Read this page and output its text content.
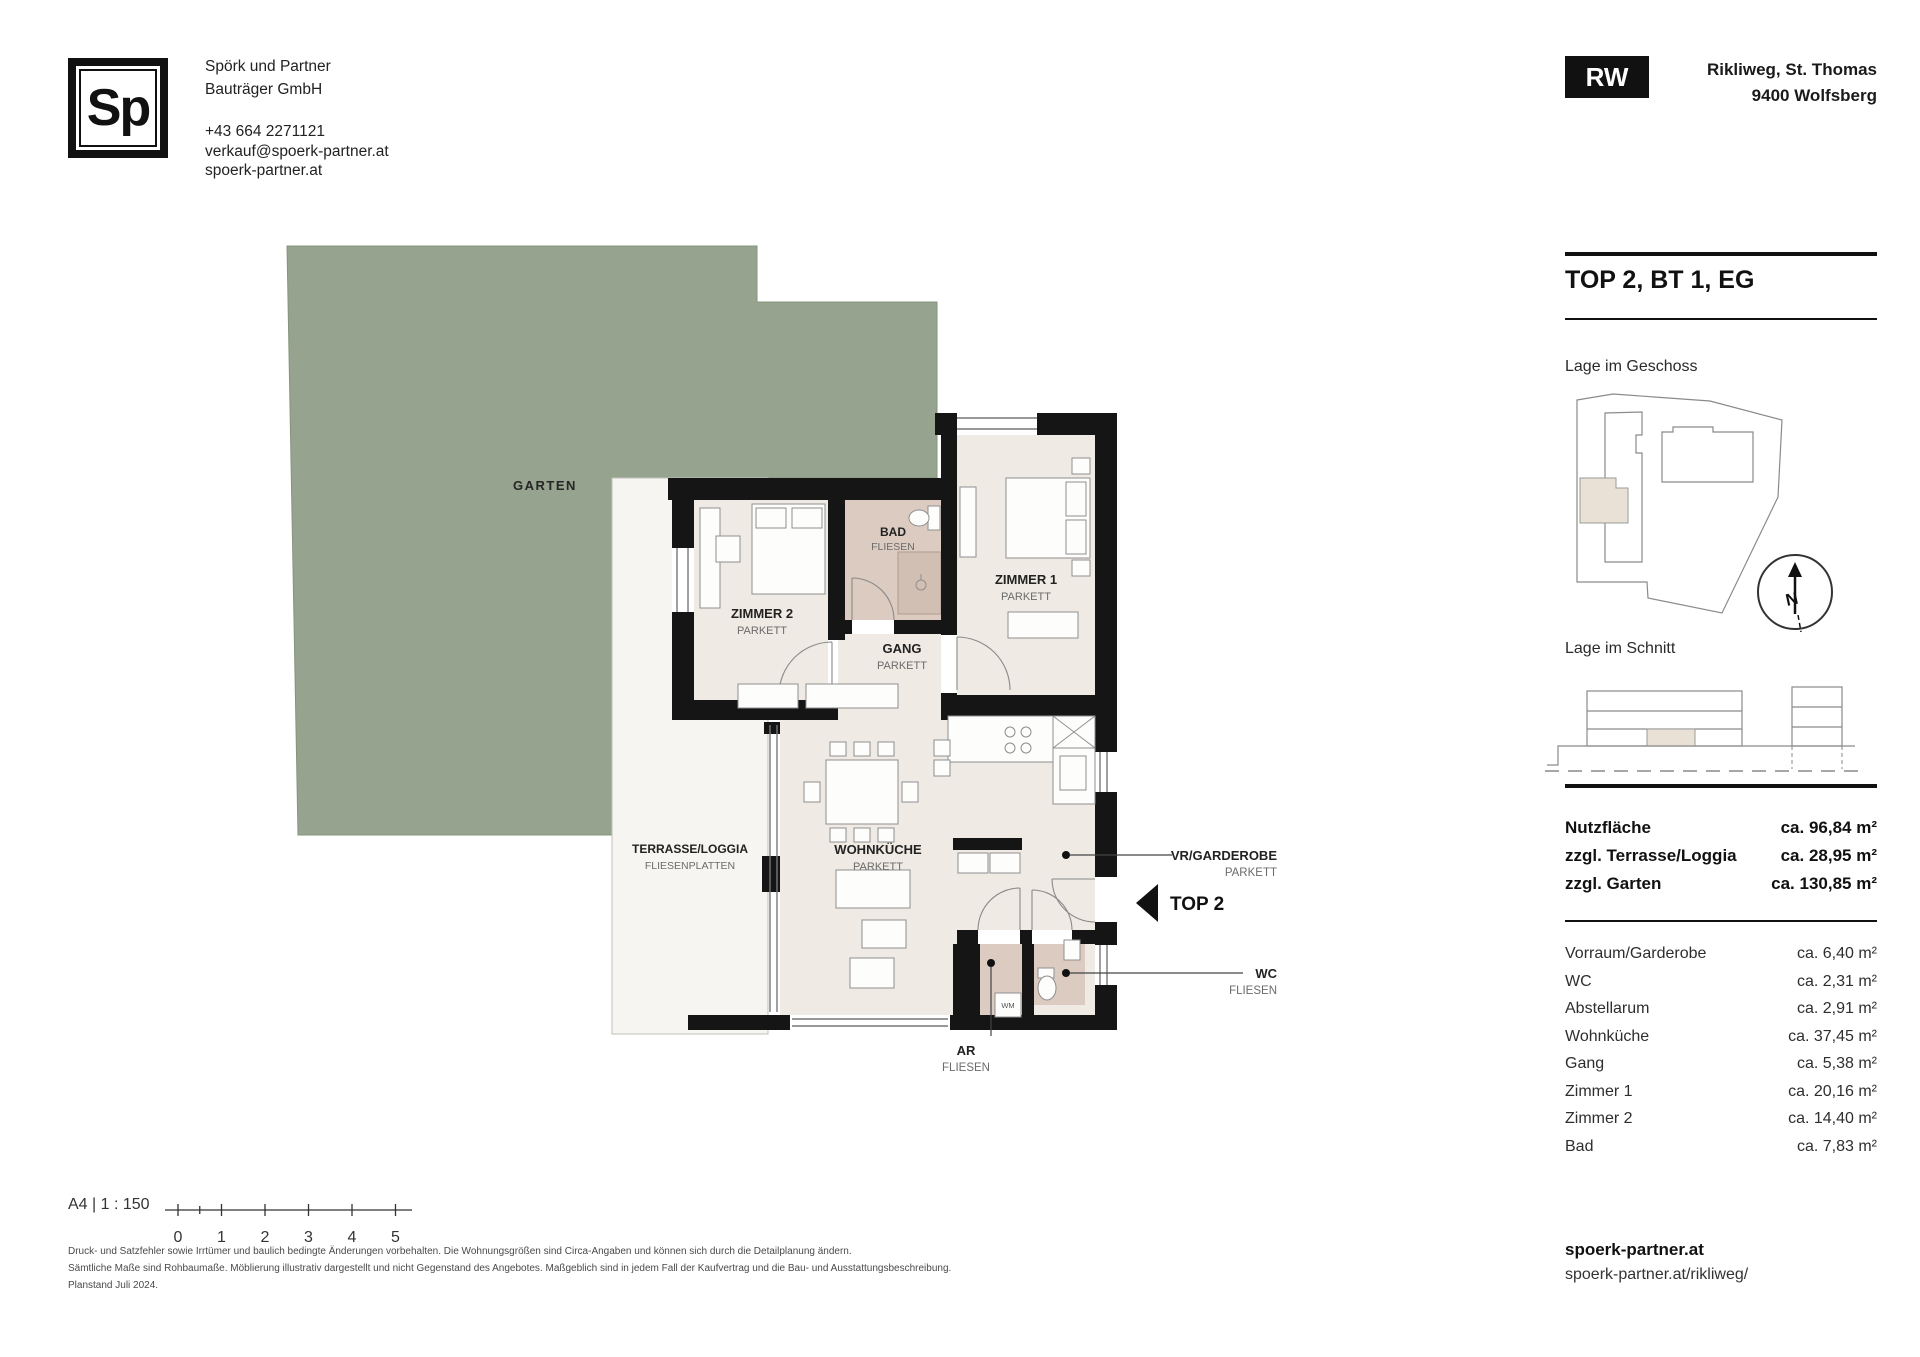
Sp
Spörk und Partner
Bauträger GmbH
+43 664 2271121
verkauf@spoerk-partner.at
spoerk-partner.at
RW	Rikliweg, St. Thomas
9400 Wolfsberg
GARTEN
WM
ZIMMER 2
PARKETT
BAD
FLIESEN
ZIMMER 1
PARKETT
GANG
PARKETT
WOHNKÜCHE
PARKETT
TERRASSE/LOGGIA
FLIESENPLATTEN
VR/GARDEROBE
PARKETT
WC
FLIESEN
AR
FLIESEN
TOP 2
TOP 2, BT 1, EG
Lage im Geschoss
N
Lage im Schnitt
Nutzfläche	ca. 96,84 m²
zzgl. Terrasse/Loggia	ca. 28,95 m²
zzgl. Garten	ca. 130,85 m²
Vorraum/Garderobe	ca. 6,40 m²
WC	ca. 2,31 m²
Abstellarum	ca. 2,91 m²
Wohnküche	ca. 37,45 m²
Gang	ca. 5,38 m²
Zimmer 1	ca. 20,16 m²
Zimmer 2	ca. 14,40 m²
Bad	ca. 7,83 m²
spoerk-partner.at
spoerk-partner.at/rikliweg/
A4 | 1 : 150
0 1 2 3 4 5
Druck- und Satzfehler sowie Irrtümer und baulich bedingte Änderungen vorbehalten. Die Wohnungsgrößen sind Circa-Angaben und können sich durch die Detailplanung ändern.
Sämtliche Maße sind Rohbaumaße. Möblierung illustrativ dargestellt und nicht Gegenstand des Angebotes. Maßgeblich sind in jedem Fall der Kaufvertrag und die Bau- und Ausstattungsbeschreibung.
Planstand Juli 2024.
